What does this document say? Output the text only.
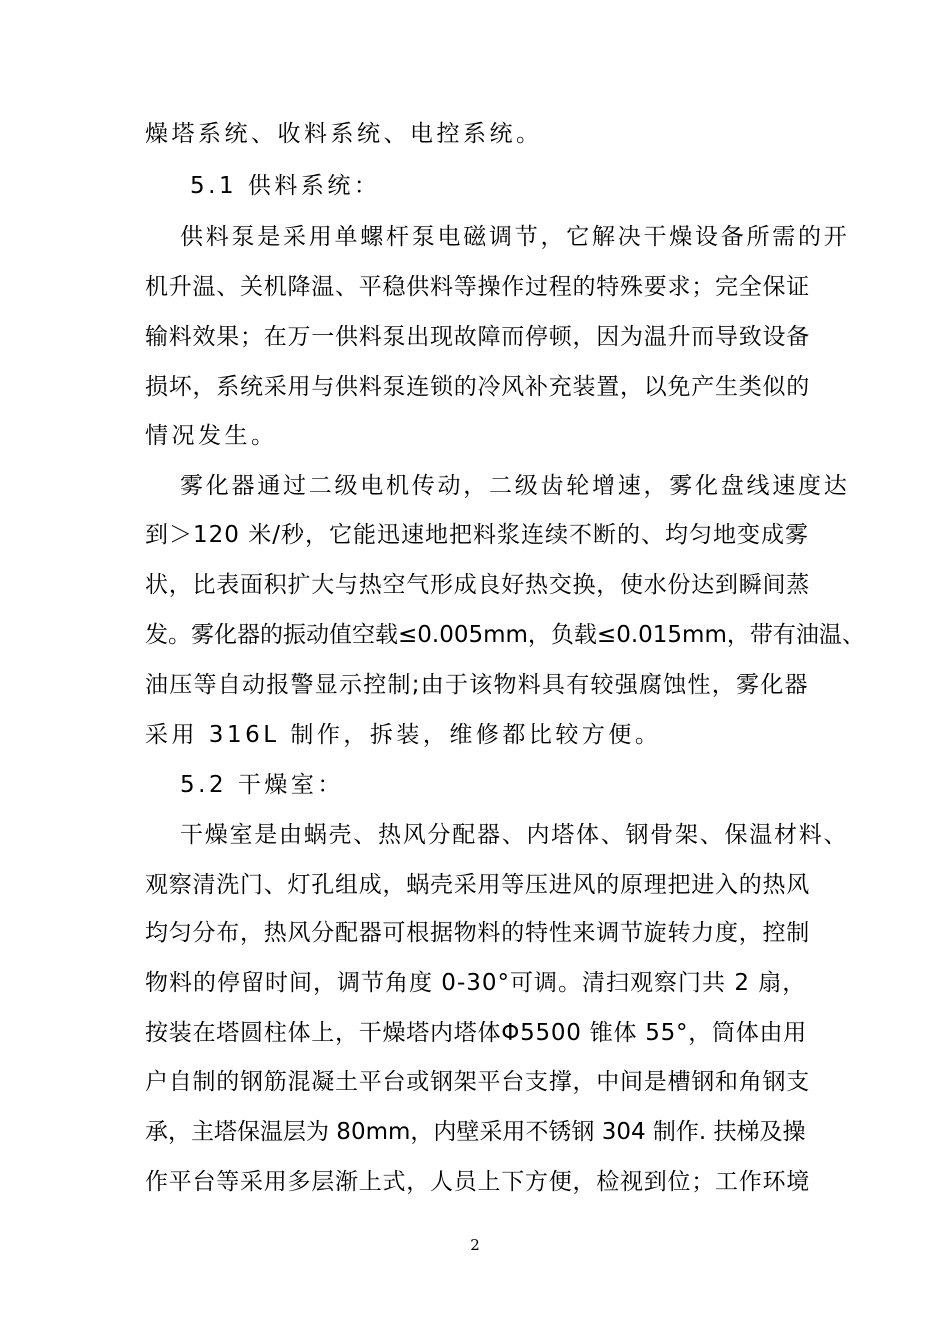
燥塔系统、收料系统、电控系统。
5.1 供料系统：
供料泵是采用单螺杆泵电磁调节，它解决干燥设备所需的开
机升温、关机降温、平稳供料等操作过程的特殊要求；完全保证
输料效果；在万一供料泵出现故障而停顿，因为温升而导致设备
损坏，系统采用与供料泵连锁的冷风补充装置，以免产生类似的
情况发生。
雾化器通过二级电机传动，二级齿轮增速，雾化盘线速度达
到＞120 米/秒，它能迅速地把料浆连续不断的、均匀地变成雾
状，比表面积扩大与热空气形成良好热交换，使水份达到瞬间蒸
发。雾化器的振动值空载≤0.005mm，负载≤0.015mm，带有油温、
油压等自动报警显示控制;由于该物料具有较强腐蚀性，雾化器
采用 316L 制作，拆装，维修都比较方便。
5.2 干燥室：
干燥室是由蜗壳、热风分配器、内塔体、钢骨架、保温材料、
观察清洗门、灯孔组成，蜗壳采用等压进风的原理把进入的热风
均匀分布，热风分配器可根据物料的特性来调节旋转力度，控制
物料的停留时间，调节角度 0-30°可调。清扫观察门共 2 扇，
按装在塔圆柱体上，干燥塔内塔体Φ5500 锥体 55°，筒体由用
户自制的钢筋混凝土平台或钢架平台支撑，中间是槽钢和角钢支
承，主塔保温层为 80mm，内壁采用不锈钢 304 制作. 扶梯及操
作平台等采用多层渐上式，人员上下方便，检视到位；工作环境
2
